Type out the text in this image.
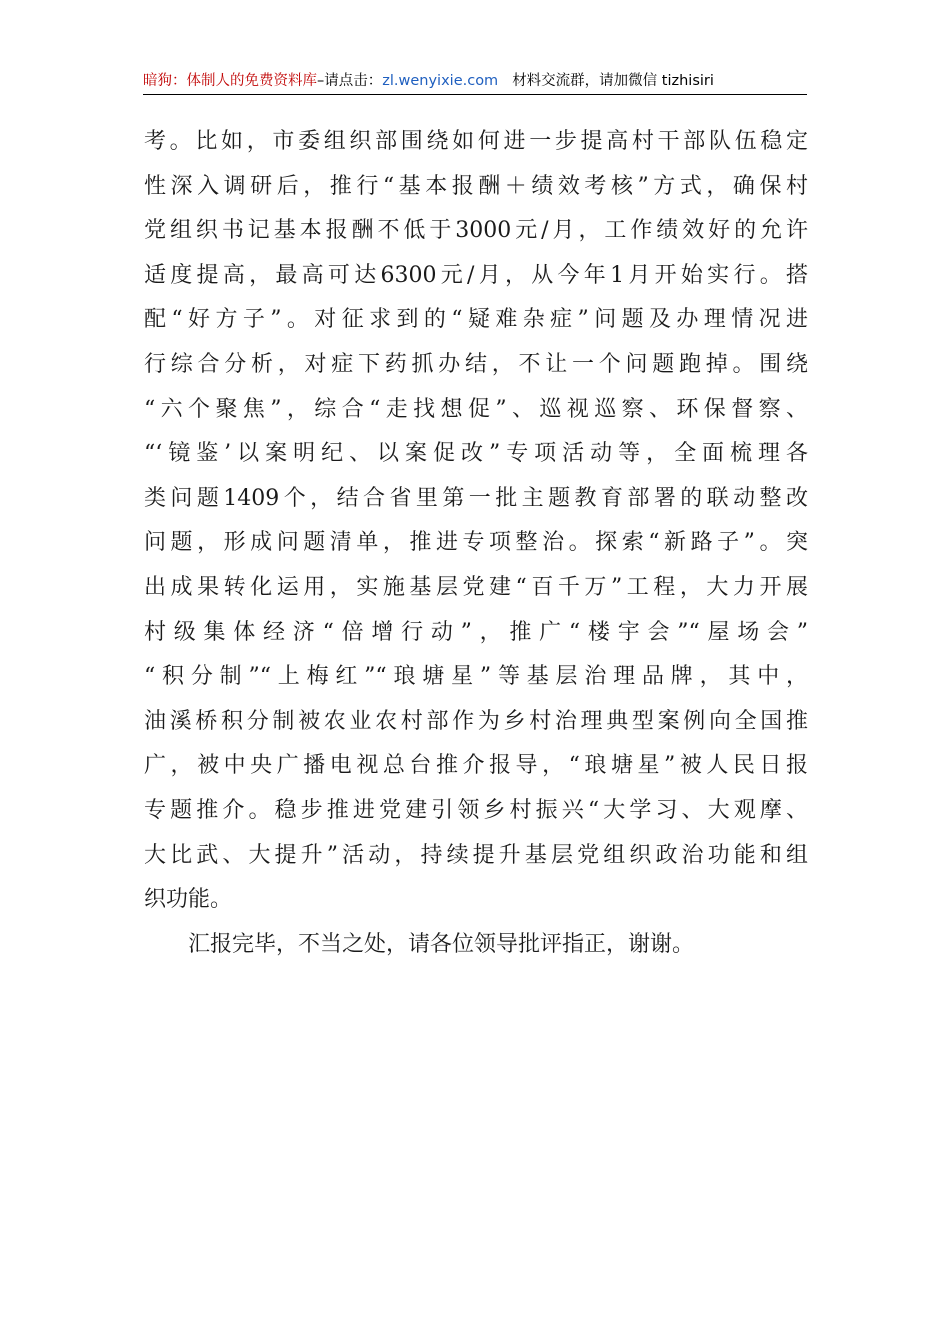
暗狗：体制人的免费资料库–请点击：zl.wenyixie.com 材料交流群，请加微信 tizhisiri
考。比如，市委组织部围绕如何进一步提高村干部队伍稳定
性深入调研后，推行“基本报酬＋绩效考核”方式，确保村
党组织书记基本报酬不低于3000元/月，工作绩效好的允许
适度提高，最高可达6300元/月，从今年1月开始实行。搭
配“好方子”。对征求到的“疑难杂症”问题及办理情况进
行综合分析，对症下药抓办结，不让一个问题跑掉。围绕
“六个聚焦”，综合“走找想促”、巡视巡察、环保督察、
“‘镜鉴’以案明纪、以案促改”专项活动等，全面梳理各
类问题1409个，结合省里第一批主题教育部署的联动整改
问题，形成问题清单，推进专项整治。探索“新路子”。突
出成果转化运用，实施基层党建“百千万”工程，大力开展
村级集体经济“倍增行动”，推广“楼宇会”“屋场会”
“积分制”“上梅红”“琅塘星”等基层治理品牌，其中，
油溪桥积分制被农业农村部作为乡村治理典型案例向全国推
广，被中央广播电视总台推介报导，“琅塘星”被人民日报
专题推介。稳步推进党建引领乡村振兴“大学习、大观摩、
大比武、大提升”活动，持续提升基层党组织政治功能和组
织功能。
汇报完毕，不当之处，请各位领导批评指正，谢谢。
